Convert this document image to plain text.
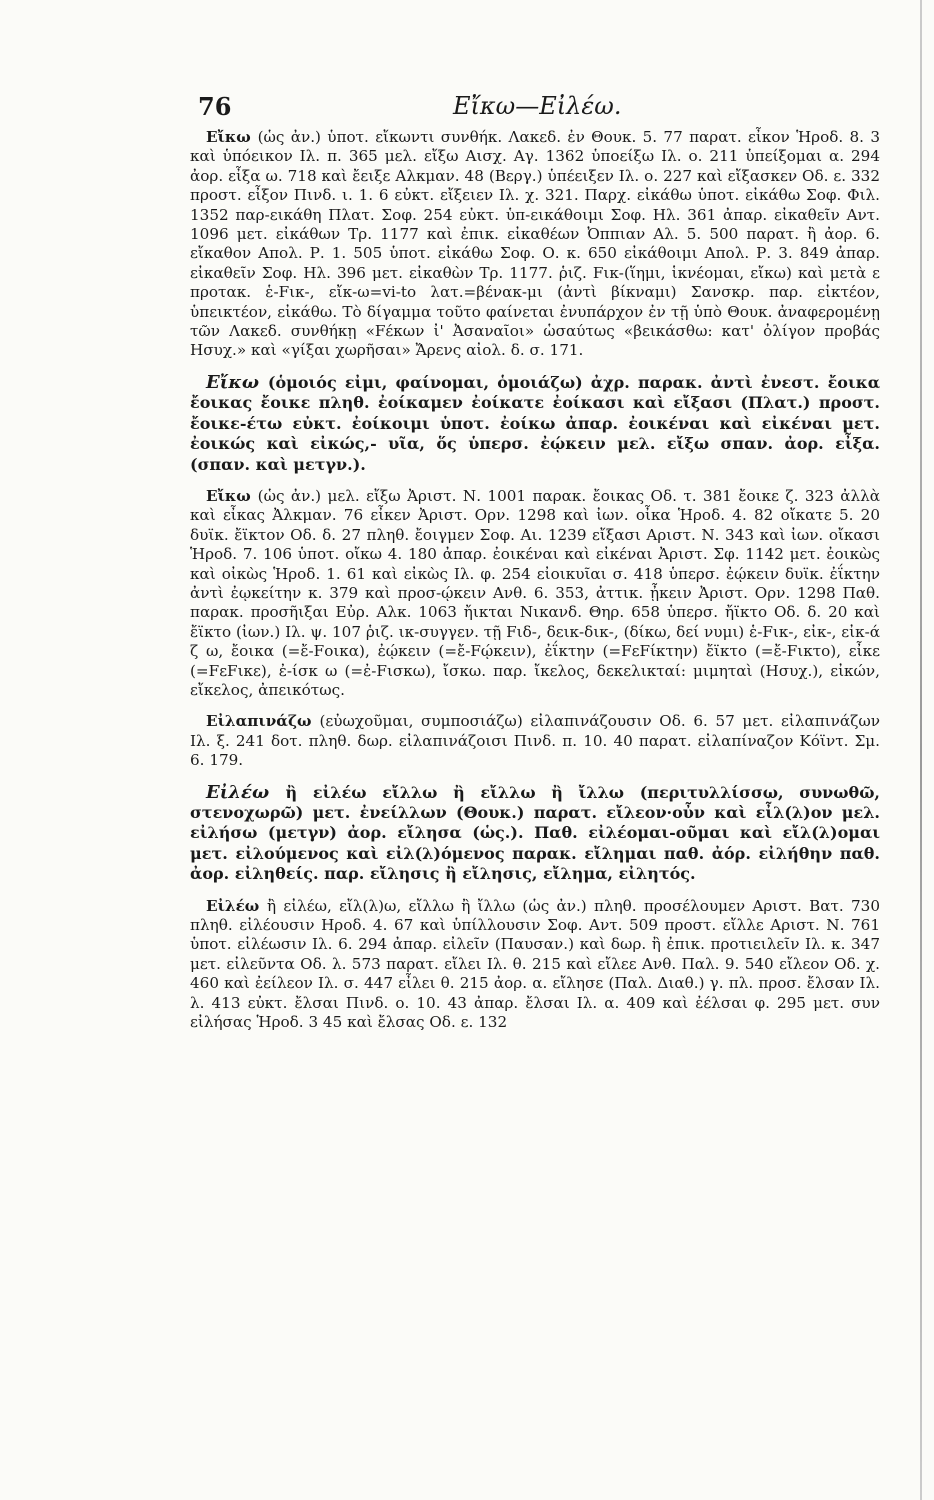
76	Εἴκω—Εἰλέω.

Εἴκω (ὡς ἀν.) ὑποτ. εἴκωντι συνθήκ. Λακεδ. ἐν Θουκ. 5. 77 παρατ. εἶκον Ἡροδ. 8. 3 καὶ ὑπόεικον Ιλ. π. 365 μελ. εἴξω Αισχ. Αγ. 1362 ὑποείξω Ιλ. ο. 211 ὑπείξομαι α. 294 ἀορ. εἶξα ω. 718 καὶ ἔειξε Αλκμαν. 48 (Βεργ.) ὑπέειξεν Ιλ. ο. 227 καὶ εἴξασκεν Οδ. ε. 332 προστ. εἶξον Πινδ. ι. 1. 6 εὐκτ. εἴξειεν Ιλ. χ. 321. Παρχ. εἰκάθω ὑποτ. εἰκάθω Σοφ. Φιλ. 1352 παρ-εικάθη Πλατ. Σοφ. 254 εὐκτ. ὑπ-εικάθοιμι Σοφ. Ηλ. 361 ἀπαρ. εἰκαθεῖν Αντ. 1096 μετ. εἰκάθων Τρ. 1177 καὶ ἐπικ. εἰκαθέων Ὀππιαν Αλ. 5. 500 παρατ. ἢ ἀορ. 6. εἴκαθον Απολ. Ρ. 1. 505 ὑποτ. εἰκάθω Σοφ. Ο. κ. 650 εἰκάθοιμι Απολ. Ρ. 3. 849 ἀπαρ. εἰκαθεῖν Σοφ. Ηλ. 396 μετ. εἰκαθὼν Τρ. 1177. ῥιζ. Fικ-(ἵημι, ἱκνέομαι, εἴκω) καὶ μετὰ ε προτακ. ἑ-Fικ-, εἴκ-ω=vi-to λατ.=βένακ-μι (ἀντὶ βίκναμι) Σανσκρ. παρ. εἰκτέον, ὑπεικτέον, εἰκάθω. Τὸ δίγαμμα τοῦτο φαίνεται ἐνυπάρχον ἐν τῇ ὑπὸ Θουκ. ἀναφερομένῃ τῶν Λακεδ. συνθήκῃ «Fέκων ἰ' Ἀσαναῖοι» ὡσαύτως «βεικάσθω: κατ' ὀλίγον προβάς Ησυχ.» καὶ «γίξαι χωρῆσαι» Ἄρενς αἰολ. δ. σ. 171.

Εἴκω (ὁμοιός εἰμι, φαίνομαι, ὁμοιάζω) ἀχρ. παρακ. ἀντὶ ἐνεστ. ἔοικα ἔοικας ἔοικε πληθ. ἐοίκαμεν ἐοίκατε ἐοίκασι καὶ εἴξασι (Πλατ.) προστ. ἔοικε-έτω εὐκτ. ἐοίκοιμι ὑποτ. ἐοίκω ἀπαρ. ἐοικέναι καὶ εἰκέναι μετ. ἐοικώς καὶ εἰκώς,- υῖα, ὅς ὑπερσ. ἐῴκειν μελ. εἴξω σπαν. ἀορ. εἶξα. (σπαν. καὶ μετγν.).

Εἴκω (ὡς ἀν.) μελ. εἴξω Ἀριστ. Ν. 1001 παρακ. ἔοικας Οδ. τ. 381 ἔοικε ζ. 323 ἀλλὰ καὶ εἶκας Ἀλκμαν. 76 εἶκεν Ἀριστ. Ορν. 1298 καὶ ἰων. οἶκα Ἡροδ. 4. 82 οἴκατε 5. 20 δυϊκ. ἔϊκτον Οδ. δ. 27 πληθ. ἔοιγμεν Σοφ. Αι. 1239 εἴξασι Αριστ. Ν. 343 καὶ ἰων. οἴκασι Ἡροδ. 7. 106 ὑποτ. οἴκω 4. 180 ἀπαρ. ἐοικέναι καὶ εἰκέναι Ἀριστ. Σφ. 1142 μετ. ἐοικὼς καὶ οἰκὼς Ἡροδ. 1. 61 καὶ εἰκὼς Ιλ. φ. 254 εἰοικυῖαι σ. 418 ὑπερσ. ἐῴκειν δυϊκ. ἐΐκτην ἀντὶ ἐῳκείτην κ. 379 καὶ προσ-ῴκειν Ανθ. 6. 353, ἀττικ. ᾖκειν Ἀριστ. Ορν. 1298 Παθ. παρακ. προσῆιξαι Εὐρ. Αλκ. 1063 ἤικται Νικανδ. Θηρ. 658 ὑπερσ. ἤϊκτο Οδ. δ. 20 καὶ ἔϊκτο (ἰων.) Ιλ. ψ. 107 ῥιζ. ικ-συγγεν. τῇ Fιδ-, δεικ-δικ-, (δίκω, δεί νυμι) ἑ-Fικ-, εἰκ-, εἰκ-ά ζ ω, ἔοικα (=ἔ-Fοικα), ἐῴκειν (=ἔ-Fῴκειν), ἐΐκτην (=FεFίκτην) ἔϊκτο (=ἔ-Fικτο), εἶκε (=FεFικε), ἐ-ίσκ ω (=ἐ-Fισκω), ἴσκω. παρ. ἴκελος, δεκελικταί: μιμηταὶ (Ησυχ.), εἰκών, εἴκελος, ἀπεικότως.

Εἰλαπινάζω (εὐωχοῦμαι, συμποσιάζω) εἰλαπινάζουσιν Οδ. 6. 57 μετ. εἰλαπινάζων Ιλ. ξ. 241 δοτ. πληθ. δωρ. εἰλαπινάζοισι Πινδ. π. 10. 40 παρατ. εἰλαπίναζον Κόϊντ. Σμ. 6. 179.

Εἰλέω ἢ εἰλέω εἴλλω ἢ εἴλλω ἢ ἴλλω (περιτυλλίσσω, συνωθῶ, στενοχωρῶ) μετ. ἐνείλλων (Θουκ.) παρατ. εἴλεον·οὖν καὶ εἶλ(λ)ον μελ. εἰλήσω (μετγν) ἀορ. εἴλησα (ὡς.). Παθ. εἰλέομαι-οῦμαι καὶ εἴλ(λ)ομαι μετ. εἰλούμενος καὶ εἰλ(λ)όμενος παρακ. εἴλημαι παθ. ἀόρ. εἰλήθην παθ. ἀορ. εἰληθείς. παρ. εἴλησις ἢ εἴλησις, εἴλημα, εἰλητός.

Εἰλέω ἢ εἰλέω, εἴλ(λ)ω, εἴλλω ἢ ἴλλω (ὡς ἀν.) πληθ. προσέλουμεν Αριστ. Βατ. 730 πληθ. εἰλέουσιν Ηροδ. 4. 67 καὶ ὑπίλλουσιν Σοφ. Αντ. 509 προστ. εἴλλε Αριστ. Ν. 761 ὑποτ. εἰλέωσιν Ιλ. 6. 294 ἀπαρ. εἰλεῖν (Παυσαν.) καὶ δωρ. ἢ ἐπικ. προτιειλεῖν Ιλ. κ. 347 μετ. εἰλεῦντα Οδ. λ. 573 παρατ. εἴλει Ιλ. θ. 215 καὶ εἴλεε Ανθ. Παλ. 9. 540 εἴλεον Οδ. χ. 460 καὶ ἐείλεον Ιλ. σ. 447 εἶλει θ. 215 ἀορ. α. εἴλησε (Παλ. Διαθ.) γ. πλ. προσ. ἔλσαν Ιλ. λ. 413 εὐκτ. ἔλσαι Πινδ. ο. 10. 43 ἀπαρ. ἔλσαι Ιλ. α. 409 καὶ ἐέλσαι φ. 295 μετ. συν εἰλήσας Ἡροδ. 3 45 καὶ ἔλσας Οδ. ε. 132
